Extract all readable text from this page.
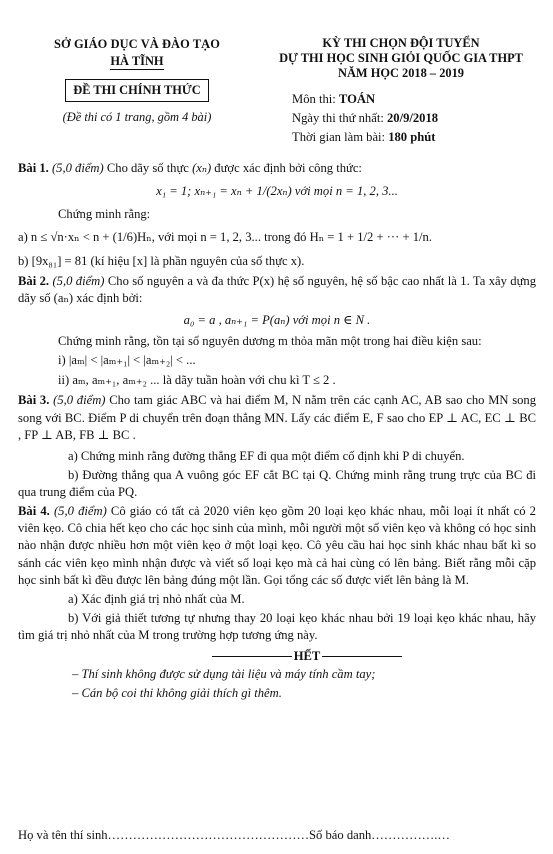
SỞ GIÁO DỤC VÀ ĐÀO TẠO
HÀ TĨNH
ĐỀ THI CHÍNH THỨC
(Đề thi có 1 trang, gồm 4 bài)
KỲ THI CHỌN ĐỘI TUYỂN
DỰ THI HỌC SINH GIỎI QUỐC GIA THPT
NĂM HỌC 2018 – 2019
Môn thi: TOÁN
Ngày thi thứ nhất: 20/9/2018
Thời gian làm bài: 180 phút
Bài 1. (5,0 điểm) Cho dãy số thực (xₙ) được xác định bởi công thức:
x₁ = 1; xₙ₊₁ = xₙ + 1/(2xₙ) với mọi n = 1, 2, 3...
Chứng minh rằng:
a) n ≤ √n·xₙ < n + (1/6)Hₙ, với mọi n = 1, 2, 3... trong đó Hₙ = 1 + 1/2 + ··· + 1/n.
b) [9x₈₁] = 81 (kí hiệu [x] là phần nguyên của số thực x).
Bài 2. (5,0 điểm) Cho số nguyên a và đa thức P(x) hệ số nguyên, hệ số bậc cao nhất là 1. Ta xây dựng dãy số (aₙ) xác định bởi:
a₀ = a , aₙ₊₁ = P(aₙ) với mọi n ∈ N .
Chứng minh rằng, tồn tại số nguyên dương m thỏa mãn một trong hai điều kiện sau:
i) |aₘ| < |aₘ₊₁| < |aₘ₊₂| < ...
ii) aₘ, aₘ₊₁, aₘ₊₂ ... là dãy tuần hoàn với chu kì T ≤ 2 .
Bài 3. (5,0 điểm) Cho tam giác ABC và hai điểm M, N nằm trên các cạnh AC, AB sao cho MN song song với BC. Điểm P di chuyển trên đoạn thẳng MN. Lấy các điểm E, F sao cho EP ⊥ AC, EC ⊥ BC , FP ⊥ AB, FB ⊥ BC .
a) Chứng minh rằng đường thẳng EF đi qua một điểm cố định khi P di chuyển.
b) Đường thẳng qua A vuông góc EF cắt BC tại Q. Chứng minh rằng trung trực của BC đi qua trung điểm của PQ.
Bài 4. (5,0 điểm) Cô giáo có tất cả 2020 viên kẹo gồm 20 loại kẹo khác nhau, mỗi loại ít nhất có 2 viên kẹo. Cô chia hết kẹo cho các học sinh của mình, mỗi người một số viên kẹo và không có học sinh nào nhận được nhiều hơn một viên kẹo ở một loại kẹo. Cô yêu cầu hai học sinh khác nhau bất kì so sánh các viên kẹo mình nhận được và viết số loại kẹo mà cả hai cùng có lên bảng. Biết rằng mỗi cặp học sinh bất kì đều được lên bảng đúng một lần. Gọi tổng các số được viết lên bảng là M.
a) Xác định giá trị nhỏ nhất của M.
b) Với giả thiết tương tự nhưng thay 20 loại kẹo khác nhau bởi 19 loại kẹo khác nhau, hãy tìm giá trị nhỏ nhất của M trong trường hợp tương ứng này.
HẾT
– Thí sinh không được sử dụng tài liệu và máy tính cầm tay;
– Cán bộ coi thi không giải thích gì thêm.
Họ và tên thí sinh…………………………………………Số báo danh…………….…
